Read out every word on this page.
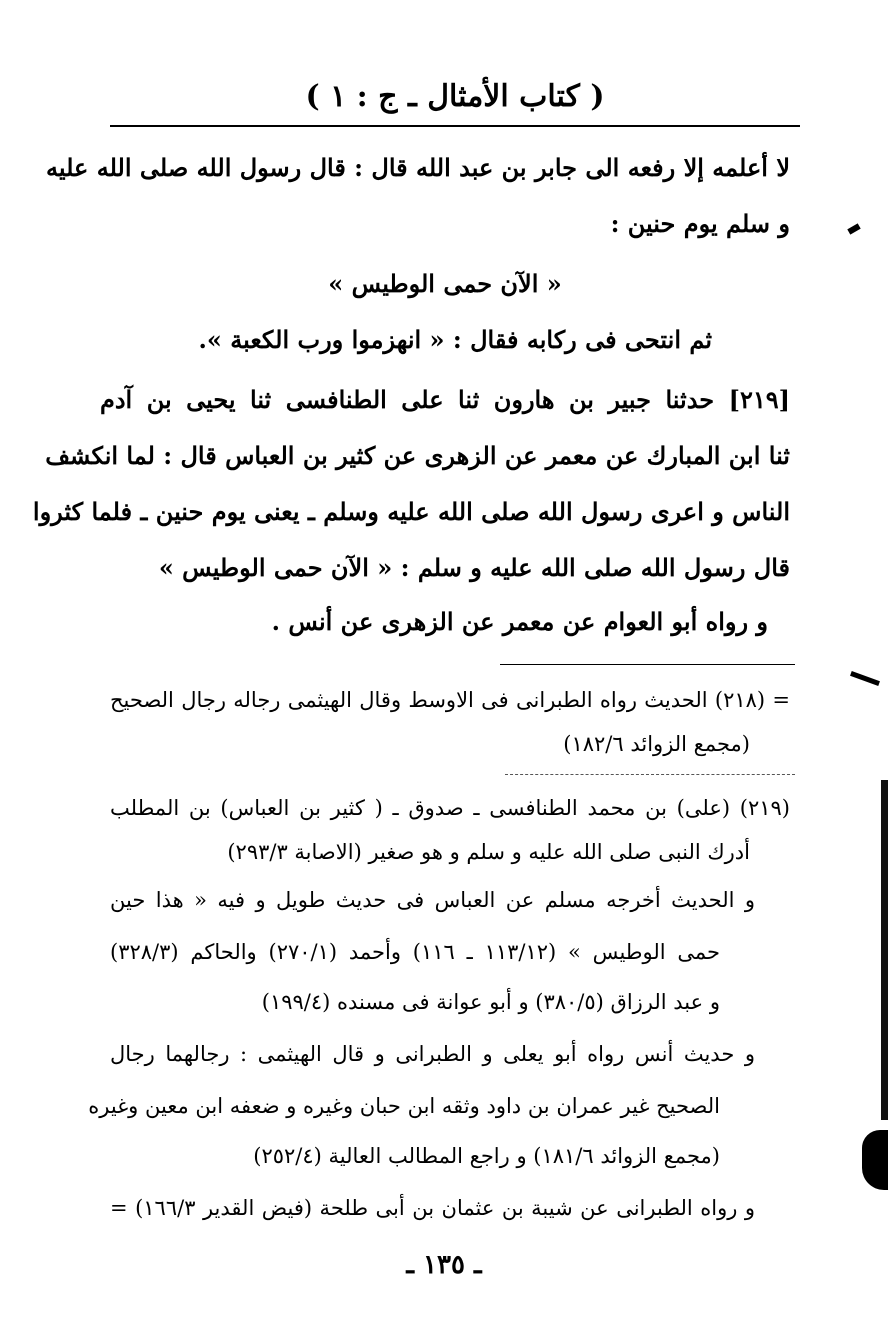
( كتاب الأمثال ـ ج : ١ )
لا أعلمه إلا رفعه الى جابر بن عبد الله قال : قال رسول الله صلى الله عليه
و سلم يوم حنين :
« الآن حمى الوطيس »
ثم انتحى فى ركابه فقال : « انهزموا ورب الكعبة ».
[٢١٩] حدثنا جبير بن هارون ثنا على الطنافسى ثنا يحيى بن آدم
ثنا ابن المبارك عن معمر عن الزهرى عن كثير بن العباس قال : لما انكشف
الناس و اعرى رسول الله صلى الله عليه وسلم ـ يعنى يوم حنين ـ فلما كثروا
قال رسول الله صلى الله عليه و سلم : « الآن حمى الوطيس »
و رواه أبو العوام عن معمر عن الزهرى عن أنس .
= (٢١٨) الحديث رواه الطبرانى فى الاوسط وقال الهيثمى رجاله رجال الصحيح
(مجمع الزوائد ١٨٢/٦)
(٢١٩) (على) بن محمد الطنافسى ـ صدوق ـ ( كثير بن العباس) بن المطلب
أدرك النبى صلى الله عليه و سلم و هو صغير (الاصابة ٢٩٣/٣)
و الحديث أخرجه مسلم عن العباس فى حديث طويل و فيه « هذا حين
حمى الوطيس » (١١٣/١٢ ـ ١١٦) وأحمد (٢٧٠/١) والحاكم (٣٢٨/٣)
و عبد الرزاق (٣٨٠/٥) و أبو عوانة فى مسنده (١٩٩/٤)
و حديث أنس رواه أبو يعلى و الطبرانى و قال الهيثمى : رجالهما رجال
الصحيح غير عمران بن داود وثقه ابن حبان وغيره و ضعفه ابن معين وغيره
(مجمع الزوائد ١٨١/٦) و راجع المطالب العالية (٢٥٢/٤)
و رواه الطبرانى عن شيبة بن عثمان بن أبى طلحة (فيض القدير ١٦٦/٣) =
ـ ١٣٥ ـ
